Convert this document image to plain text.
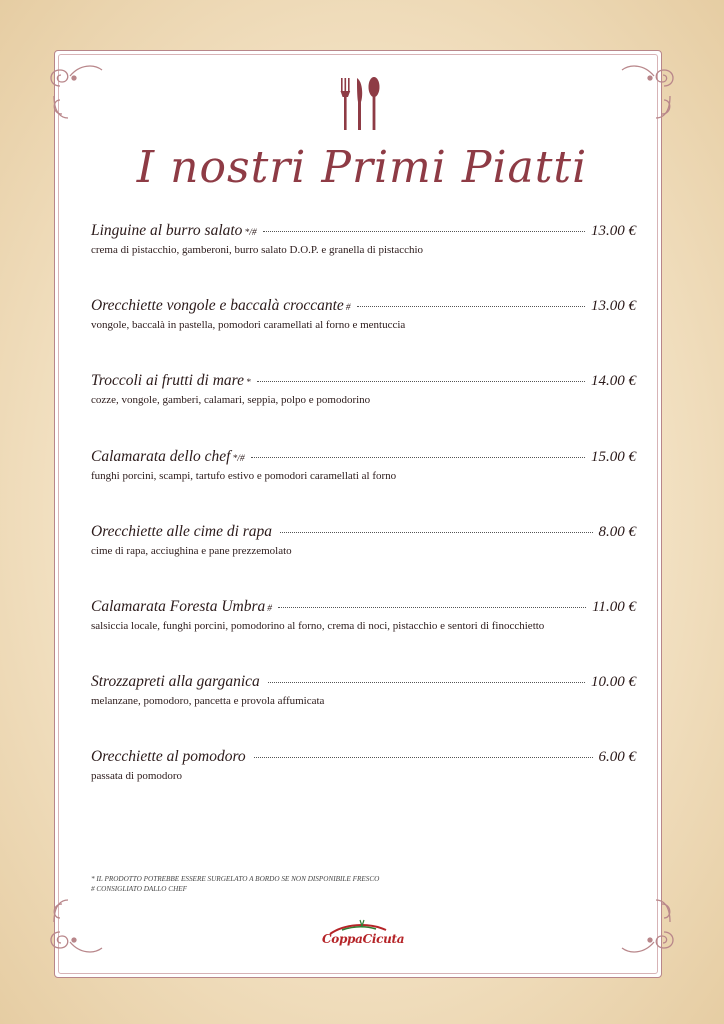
I nostri Primi Piatti
Linguine al burro salato */#	13.00 €
crema di pistacchio, gamberoni, burro salato D.O.P. e granella di pistacchio
Orecchiette vongole e baccalà croccante #	13.00 €
vongole, baccalà in pastella, pomodori caramellati al forno e mentuccia
Troccoli ai frutti di mare *	14.00 €
cozze, vongole, gamberi, calamari, seppia, polpo e pomodorino
Calamarata dello chef */#	15.00 €
funghi porcini, scampi, tartufo estivo e pomodori caramellati al forno
Orecchiette alle cime di rapa	8.00 €
cime di rapa, acciughina e pane prezzemolato
Calamarata Foresta Umbra #	11.00 €
salsiccia locale, funghi porcini, pomodorino al forno, crema di noci, pistacchio e sentori di finocchietto
Strozzapreti alla garganica	10.00 €
melanzane, pomodoro, pancetta e provola affumicata
Orecchiette al pomodoro	6.00 €
passata di pomodoro
* IL PRODOTTO POTREBBE ESSERE SURGELATO A BORDO SE NON DISPONIBILE FRESCO
# CONSIGLIATO DALLO CHEF
CoppaCicuta
